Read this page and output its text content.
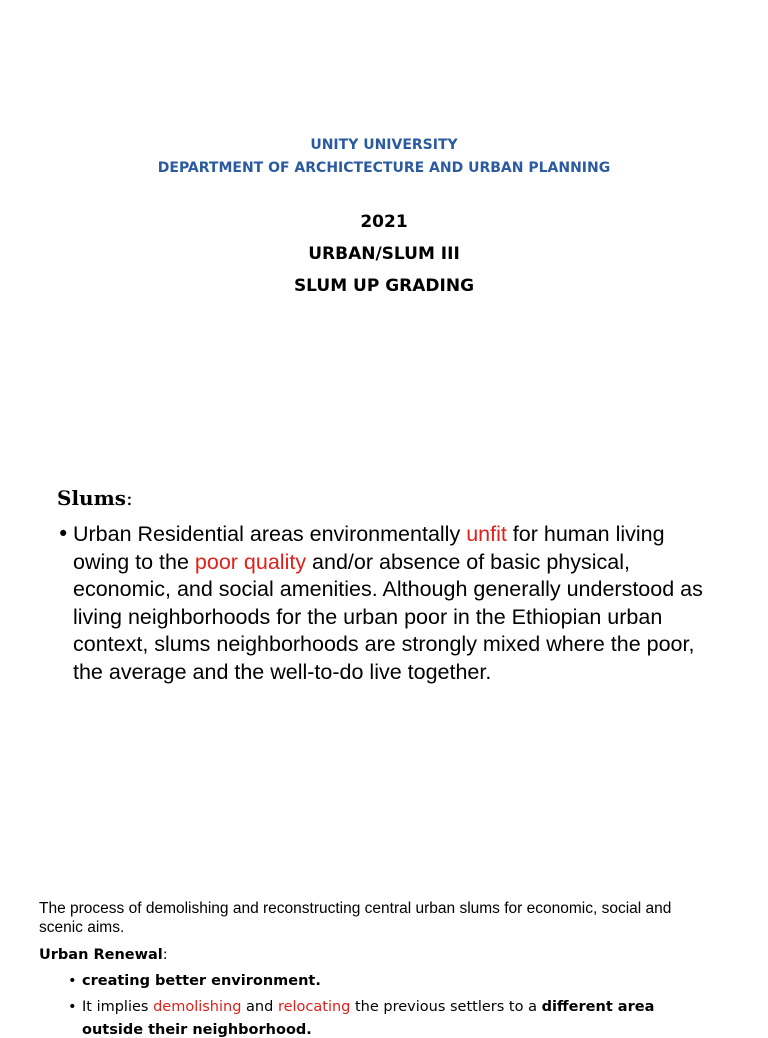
UNITY UNIVERSITY
DEPARTMENT OF ARCHICTECTURE AND URBAN PLANNING
2021
URBAN/SLUM III
SLUM UP GRADING
Slums:
• Urban Residential areas environmentally unfit for human living owing to the poor quality and/or absence of basic physical, economic, and social amenities. Although generally understood as living neighborhoods for the urban poor in the Ethiopian urban context, slums neighborhoods are strongly mixed where the poor, the average and the well-to-do live together.
The process of demolishing and reconstructing central urban slums for economic, social and scenic aims.
Urban Renewal:
• creating better environment.
• It implies demolishing and relocating the previous settlers to a different area
outside their neighborhood.
